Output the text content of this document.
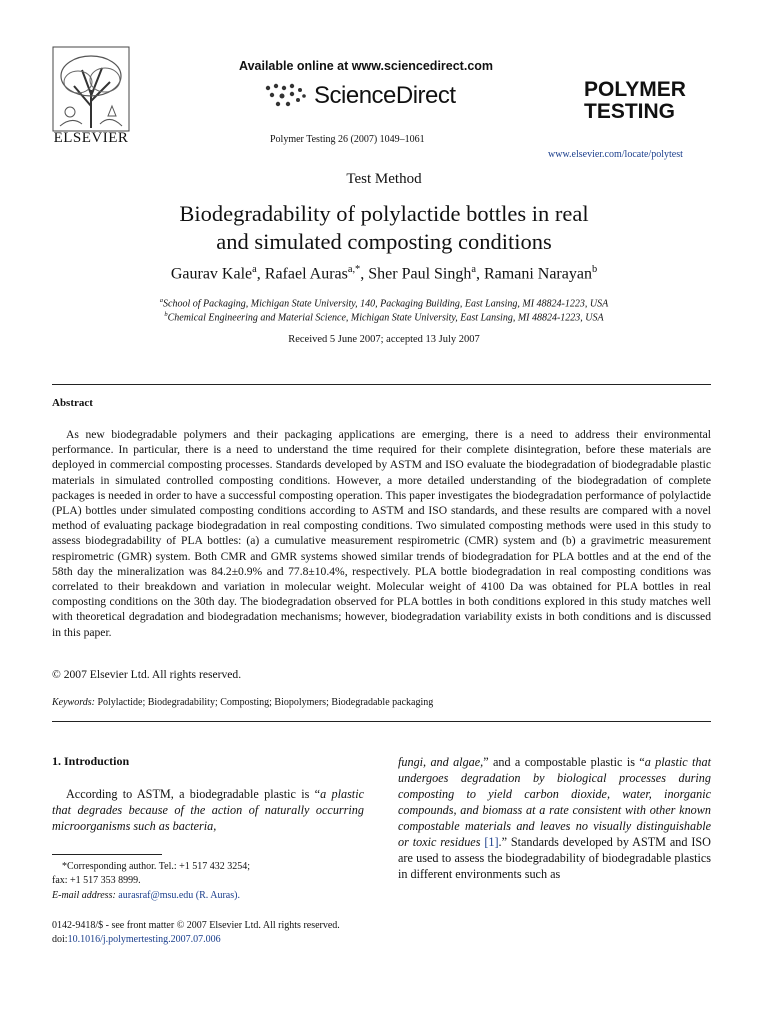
ELSEVIER
Available online at www.sciencedirect.com
ScienceDirect
Polymer Testing 26 (2007) 1049–1061
POLYMER
TESTING
www.elsevier.com/locate/polytest
Test Method
Biodegradability of polylactide bottles in real
and simulated composting conditions
Gaurav Kale$^a$, Rafael Auras$^{a,*}$, Sher Paul Singh$^a$, Ramani Narayan$^b$
$^a$School of Packaging, Michigan State University, 140, Packaging Building, East Lansing, MI 48824-1223, USA
$^b$Chemical Engineering and Material Science, Michigan State University, East Lansing, MI 48824-1223, USA
Received 5 June 2007; accepted 13 July 2007
Abstract
As new biodegradable polymers and their packaging applications are emerging, there is a need to address their environmental performance. In particular, there is a need to understand the time required for their complete disintegration, before these materials are deployed in commercial composting processes. Standards developed by ASTM and ISO evaluate the biodegradation of biodegradable plastic materials in simulated controlled composting conditions. However, a more detailed understanding of the biodegradation of complete packages is needed in order to have a successful composting operation. This paper investigates the biodegradation performance of polylactide (PLA) bottles under simulated composting conditions according to ASTM and ISO standards, and these results are compared with a novel method of evaluating package biodegradation in real composting conditions. Two simulated composting methods were used in this study to assess biodegradability of PLA bottles: (a) a cumulative measurement respirometric (CMR) system and (b) a gravimetric measurement respirometric (GMR) system. Both CMR and GMR systems showed similar trends of biodegradation for PLA bottles and at the end of the 58th day the mineralization was 84.2±0.9% and 77.8±10.4%, respectively. PLA bottle biodegradation in real composting conditions was correlated to their breakdown and variation in molecular weight. Molecular weight of 4100 Da was obtained for PLA bottles in real composting conditions on the 30th day. The biodegradation observed for PLA bottles in both conditions explored in this study matches well with theoretical degradation and biodegradation mechanisms; however, biodegradation variability exists in both conditions and is discussed in this paper.
© 2007 Elsevier Ltd. All rights reserved.
Keywords: Polylactide; Biodegradability; Composting; Biopolymers; Biodegradable packaging
1. Introduction
According to ASTM, a biodegradable plastic is “a plastic that degrades because of the action of naturally occurring microorganisms such as bacteria,
fungi, and algae,” and a compostable plastic is “a plastic that undergoes degradation by biological processes during composting to yield carbon dioxide, water, inorganic compounds, and biomass at a rate consistent with other known compostable materials and leaves no visually distinguishable or toxic residues [1].” Standards developed by ASTM and ISO are used to assess the biodegradability of biodegradable plastics in different environments such as
*Corresponding author. Tel.: +1 517 432 3254;
fax: +1 517 353 8999.
E-mail address: aurasraf@msu.edu (R. Auras).
0142-9418/$ - see front matter © 2007 Elsevier Ltd. All rights reserved.
doi:10.1016/j.polymertesting.2007.07.006
